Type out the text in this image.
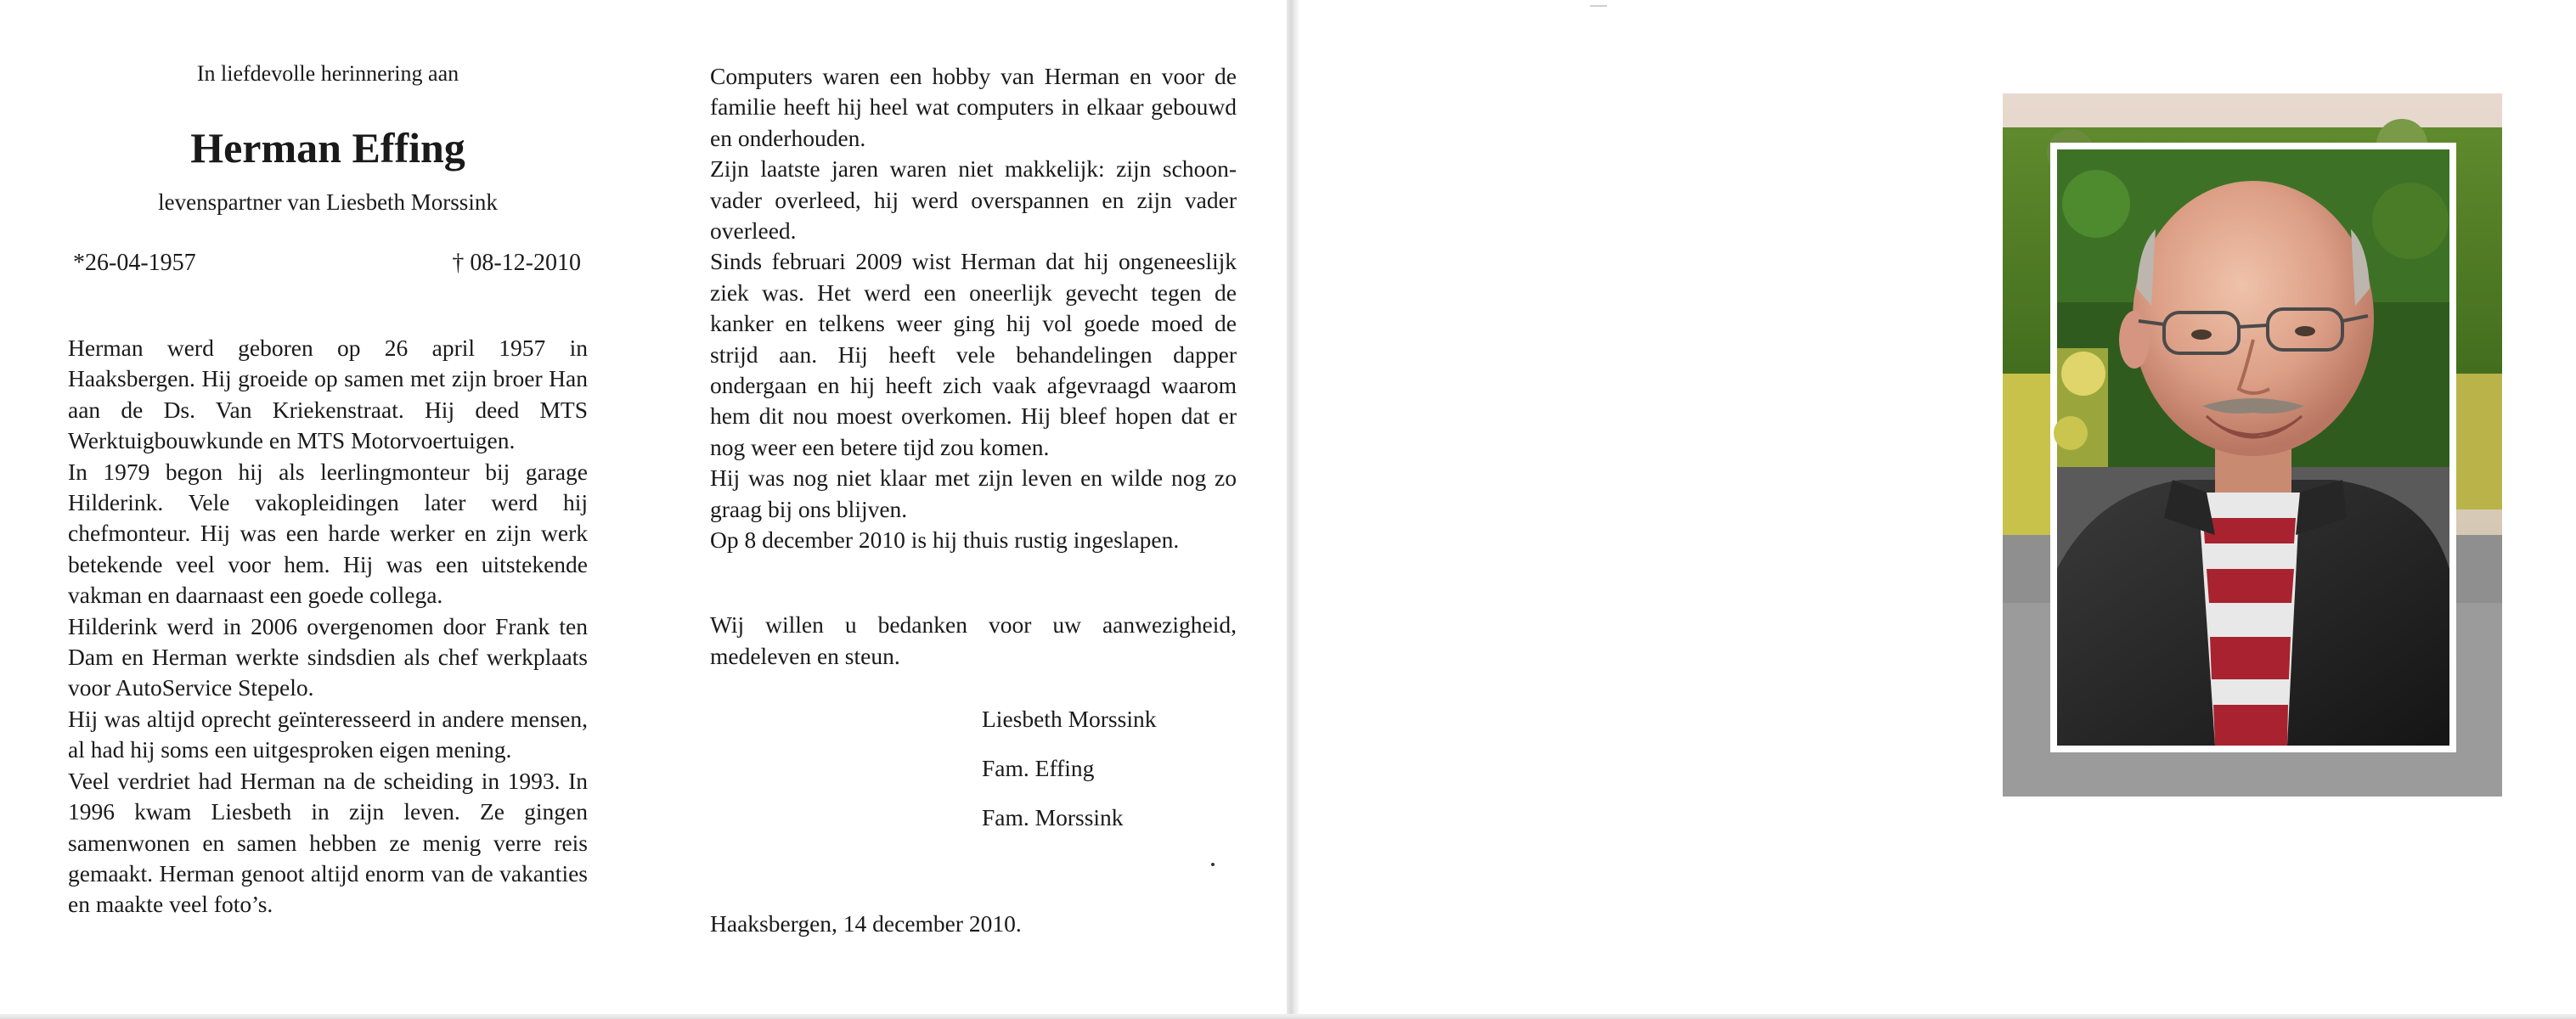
In liefdevolle herinnering aan

Herman Effing

levenspartner van Liesbeth Morssink

*26-04-1957	† 08-12-2010

Herman werd geboren op 26 april 1957 in Haaksbergen. Hij groeide op samen met zijn broer Han aan de Ds. Van Kriekenstraat. Hij deed MTS Werktuigbouwkunde en MTS Motorvoertuigen.

In 1979 begon hij als leerlingmonteur bij garage Hilderink. Vele vakopleidingen later werd hij chefmonteur. Hij was een harde werker en zijn werk betekende veel voor hem. Hij was een uitstekende vakman en daarnaast een goede collega.

Hilderink werd in 2006 overgenomen door Frank ten Dam en Herman werkte sindsdien als chef werkplaats voor AutoService Stepelo.

Hij was altijd oprecht geïnteresseerd in andere mensen, al had hij soms een uitgesproken eigen mening.

Veel verdriet had Herman na de scheiding in 1993. In 1996 kwam Liesbeth in zijn leven. Ze gingen samenwonen en samen hebben ze menig verre reis gemaakt. Herman genoot altijd enorm van de vakanties en maakte veel foto’s.

Computers waren een hobby van Herman en voor de familie heeft hij heel wat computers in elkaar gebouwd en onderhouden.

Zijn laatste jaren waren niet makkelijk: zijn schoon-vader overleed, hij werd overspannen en zijn vader overleed.

Sinds februari 2009 wist Herman dat hij ongeneeslijk ziek was. Het werd een oneerlijk gevecht tegen de kanker en telkens weer ging hij vol goede moed de strijd aan. Hij heeft vele behandelingen dapper ondergaan en hij heeft zich vaak afgevraagd waarom hem dit nou moest overkomen. Hij bleef hopen dat er nog weer een betere tijd zou komen.

Hij was nog niet klaar met zijn leven en wilde nog zo graag bij ons blijven.

Op 8 december 2010 is hij thuis rustig ingeslapen.

Wij willen u bedanken voor uw aanwezigheid, medeleven en steun.

Liesbeth Morssink
Fam. Effing
Fam. Morssink
Haaksbergen, 14 december 2010.
